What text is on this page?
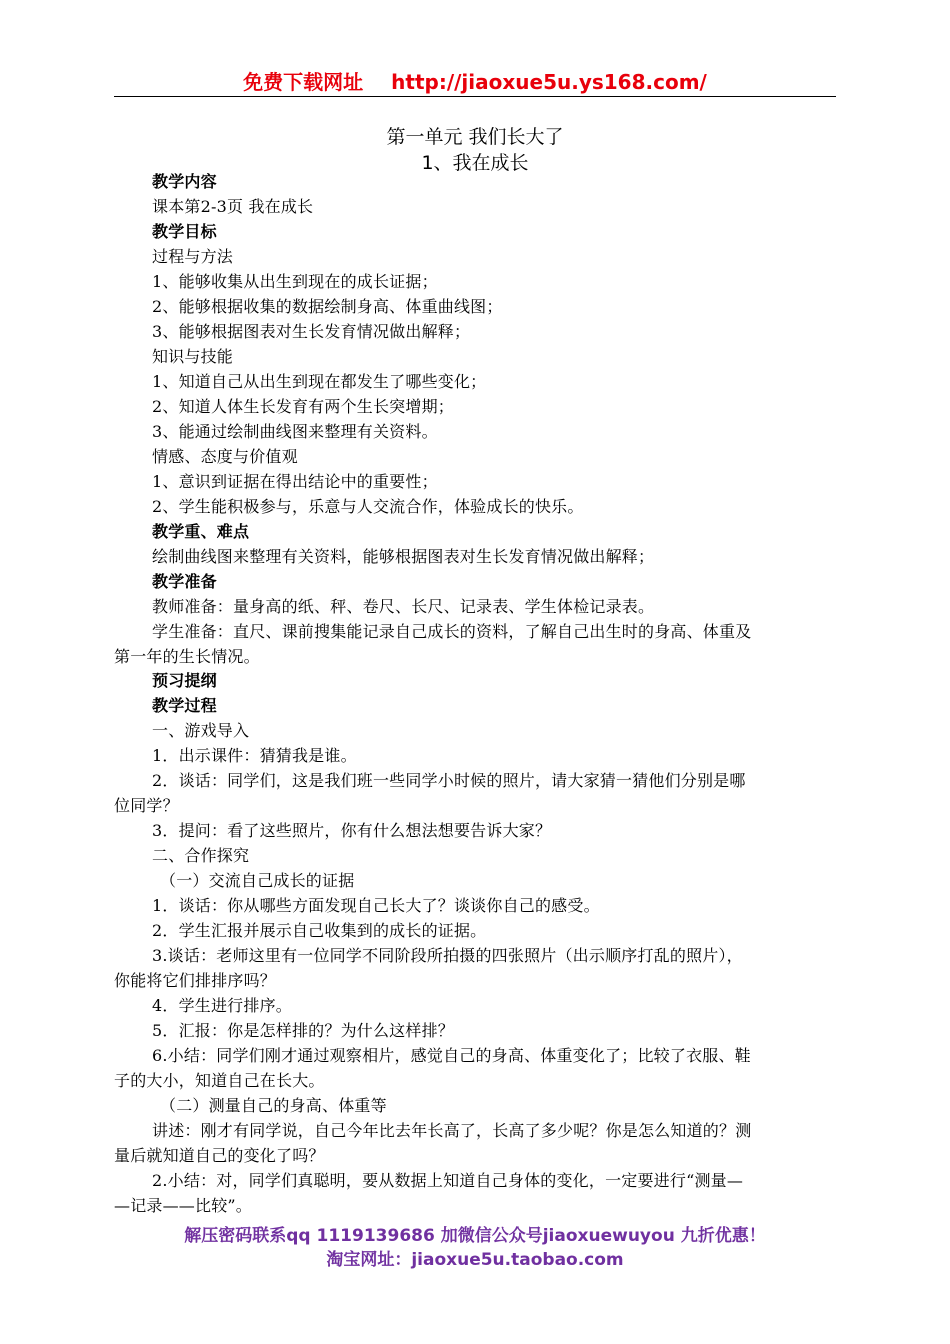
免费下载网址 http://jiaoxue5u.ys168.com/
第一单元 我们长大了
1、我在成长
教学内容
课本第2-3页 我在成长
教学目标
过程与方法
1、能够收集从出生到现在的成长证据；
2、能够根据收集的数据绘制身高、体重曲线图；
3、能够根据图表对生长发育情况做出解释；
知识与技能
1、知道自己从出生到现在都发生了哪些变化；
2、知道人体生长发育有两个生长突增期；
3、能通过绘制曲线图来整理有关资料。
情感、态度与价值观
1、意识到证据在得出结论中的重要性；
2、学生能积极参与，乐意与人交流合作，体验成长的快乐。
教学重、难点
绘制曲线图来整理有关资料，能够根据图表对生长发育情况做出解释；
教学准备
教师准备：量身高的纸、秤、卷尺、长尺、记录表、学生体检记录表。
学生准备：直尺、课前搜集能记录自己成长的资料，了解自己出生时的身高、体重及
第一年的生长情况。
预习提纲
教学过程
一、游戏导入
1．出示课件：猜猜我是谁。
2．谈话：同学们，这是我们班一些同学小时候的照片，请大家猜一猜他们分别是哪
位同学？
3．提问：看了这些照片，你有什么想法想要告诉大家？
二、合作探究
（一）交流自己成长的证据
1．谈话：你从哪些方面发现自己长大了？谈谈你自己的感受。
2．学生汇报并展示自己收集到的成长的证据。
3.谈话：老师这里有一位同学不同阶段所拍摄的四张照片（出示顺序打乱的照片），
你能将它们排排序吗？
4．学生进行排序。
5．汇报：你是怎样排的？为什么这样排？
6.小结：同学们刚才通过观察相片，感觉自己的身高、体重变化了；比较了衣服、鞋
子的大小，知道自己在长大。
（二）测量自己的身高、体重等
讲述：刚才有同学说，自己今年比去年长高了，长高了多少呢？你是怎么知道的？测
量后就知道自己的变化了吗？
2.小结：对，同学们真聪明，要从数据上知道自己身体的变化，一定要进行“测量—
—记录——比较”。
解压密码联系qq 1119139686 加微信公众号jiaoxuewuyou 九折优惠！
淘宝网址：jiaoxue5u.taobao.com
